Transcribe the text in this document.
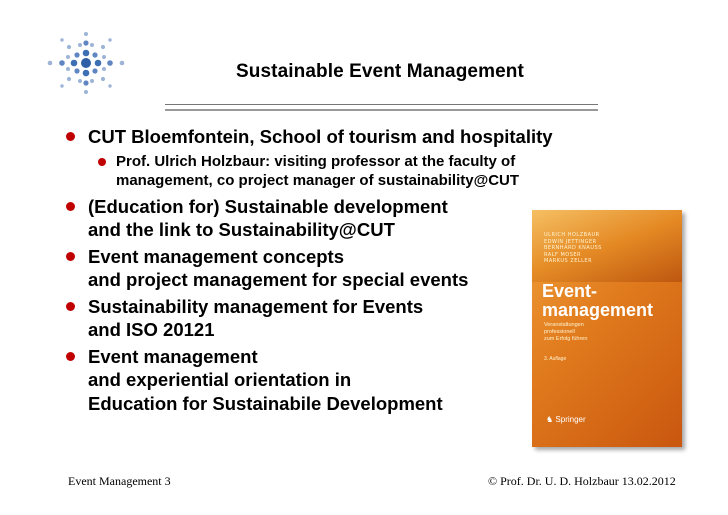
Sustainable Event Management
CUT Bloemfontein, School of tourism and hospitality
Prof. Ulrich Holzbaur: visiting professor at the faculty of
management, co project manager of sustainability@CUT
(Education for) Sustainable development
and the link to Sustainability@CUT
Event management concepts
and project management for special events
Sustainability management for Events
and ISO 20121
Event management
and experiential orientation in
Education for Sustainabile Development
ULRICH HOLZBAUR
EDWIN JETTINGER
BERNHARD KNAUSS
RALF MOSER
MARKUS ZELLER
Event-
management
Veranstaltungen
professionell
zum Erfolg führen
3. Auflage
♞ Springer
Event Management 3	© Prof. Dr. U. D. Holzbaur 13.02.2012
